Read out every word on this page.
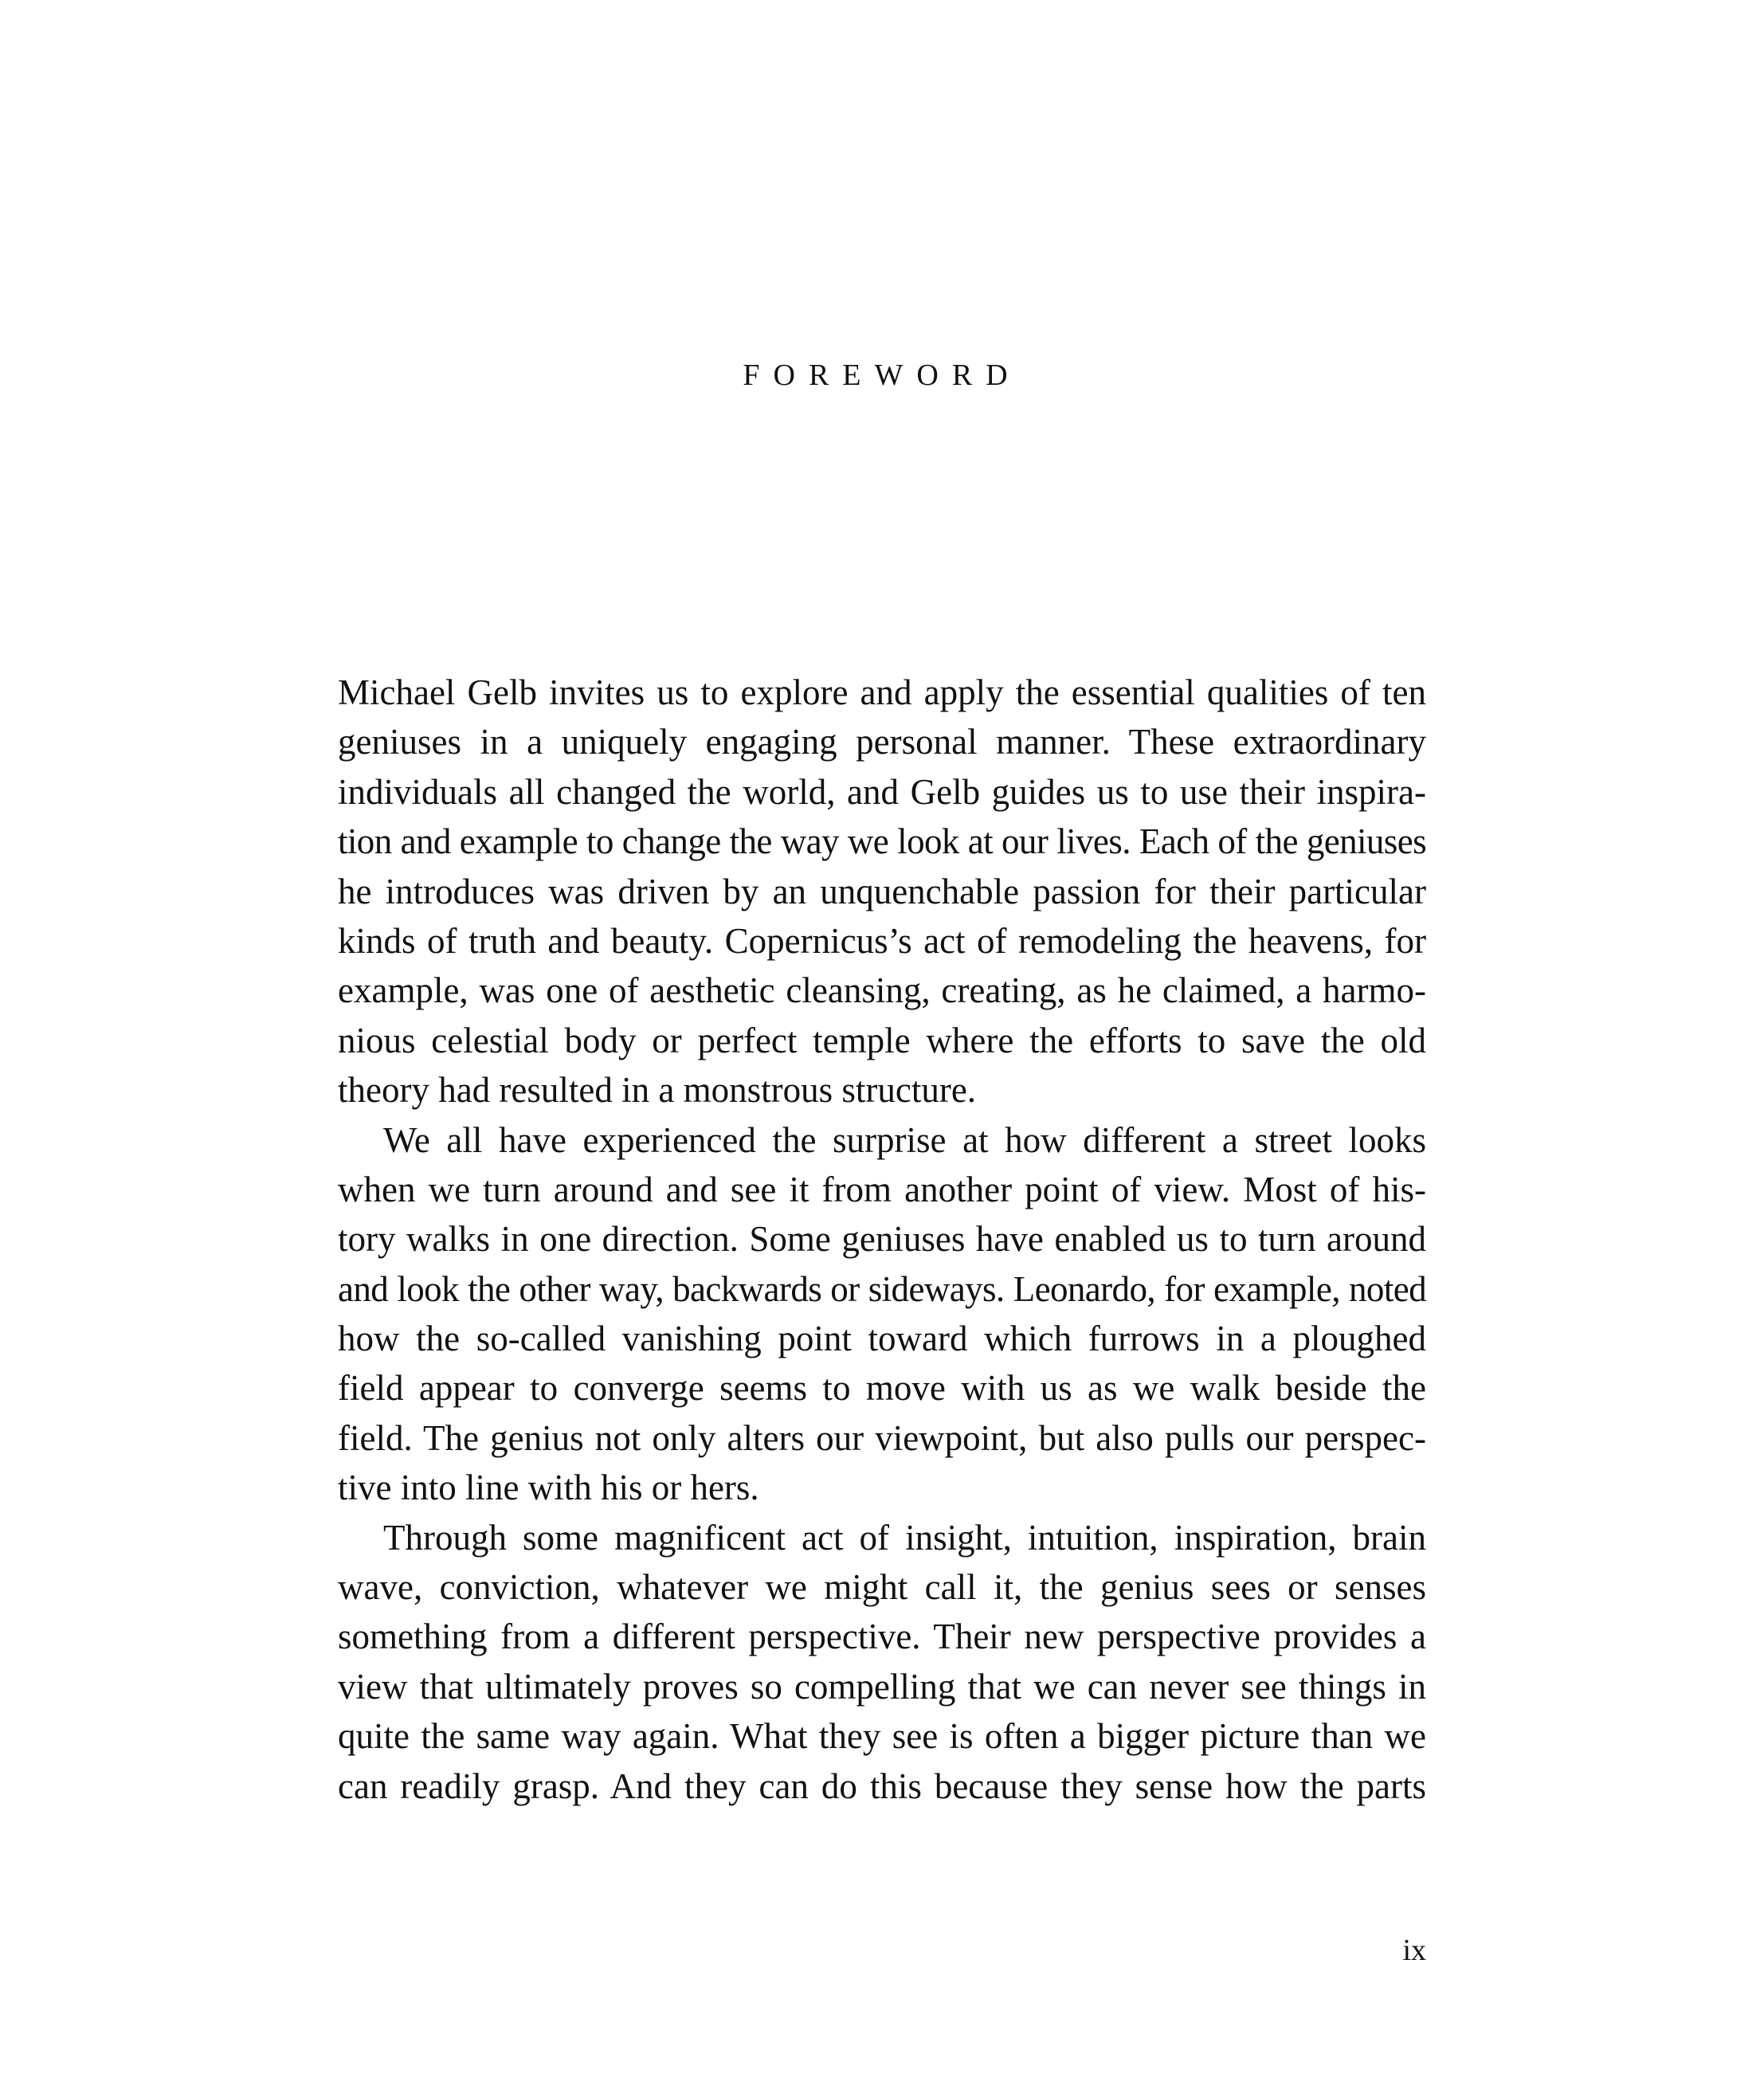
FOREWORD
Michael Gelb invites us to explore and apply the essential qualities of ten
geniuses in a uniquely engaging personal manner. These extraordinary
individuals all changed the world, and Gelb guides us to use their inspira-
tion and example to change the way we look at our lives. Each of the geniuses
he introduces was driven by an unquenchable passion for their particular
kinds of truth and beauty. Copernicus’s act of remodeling the heavens, for
example, was one of aesthetic cleansing, creating, as he claimed, a harmo-
nious celestial body or perfect temple where the efforts to save the old
theory had resulted in a monstrous structure.
We all have experienced the surprise at how different a street looks
when we turn around and see it from another point of view. Most of his-
tory walks in one direction. Some geniuses have enabled us to turn around
and look the other way, backwards or sideways. Leonardo, for example, noted
how the so-called vanishing point toward which furrows in a ploughed
field appear to converge seems to move with us as we walk beside the
field. The genius not only alters our viewpoint, but also pulls our perspec-
tive into line with his or hers.
Through some magnificent act of insight, intuition, inspiration, brain
wave, conviction, whatever we might call it, the genius sees or senses
something from a different perspective. Their new perspective provides a
view that ultimately proves so compelling that we can never see things in
quite the same way again. What they see is often a bigger picture than we
can readily grasp. And they can do this because they sense how the parts
ix
